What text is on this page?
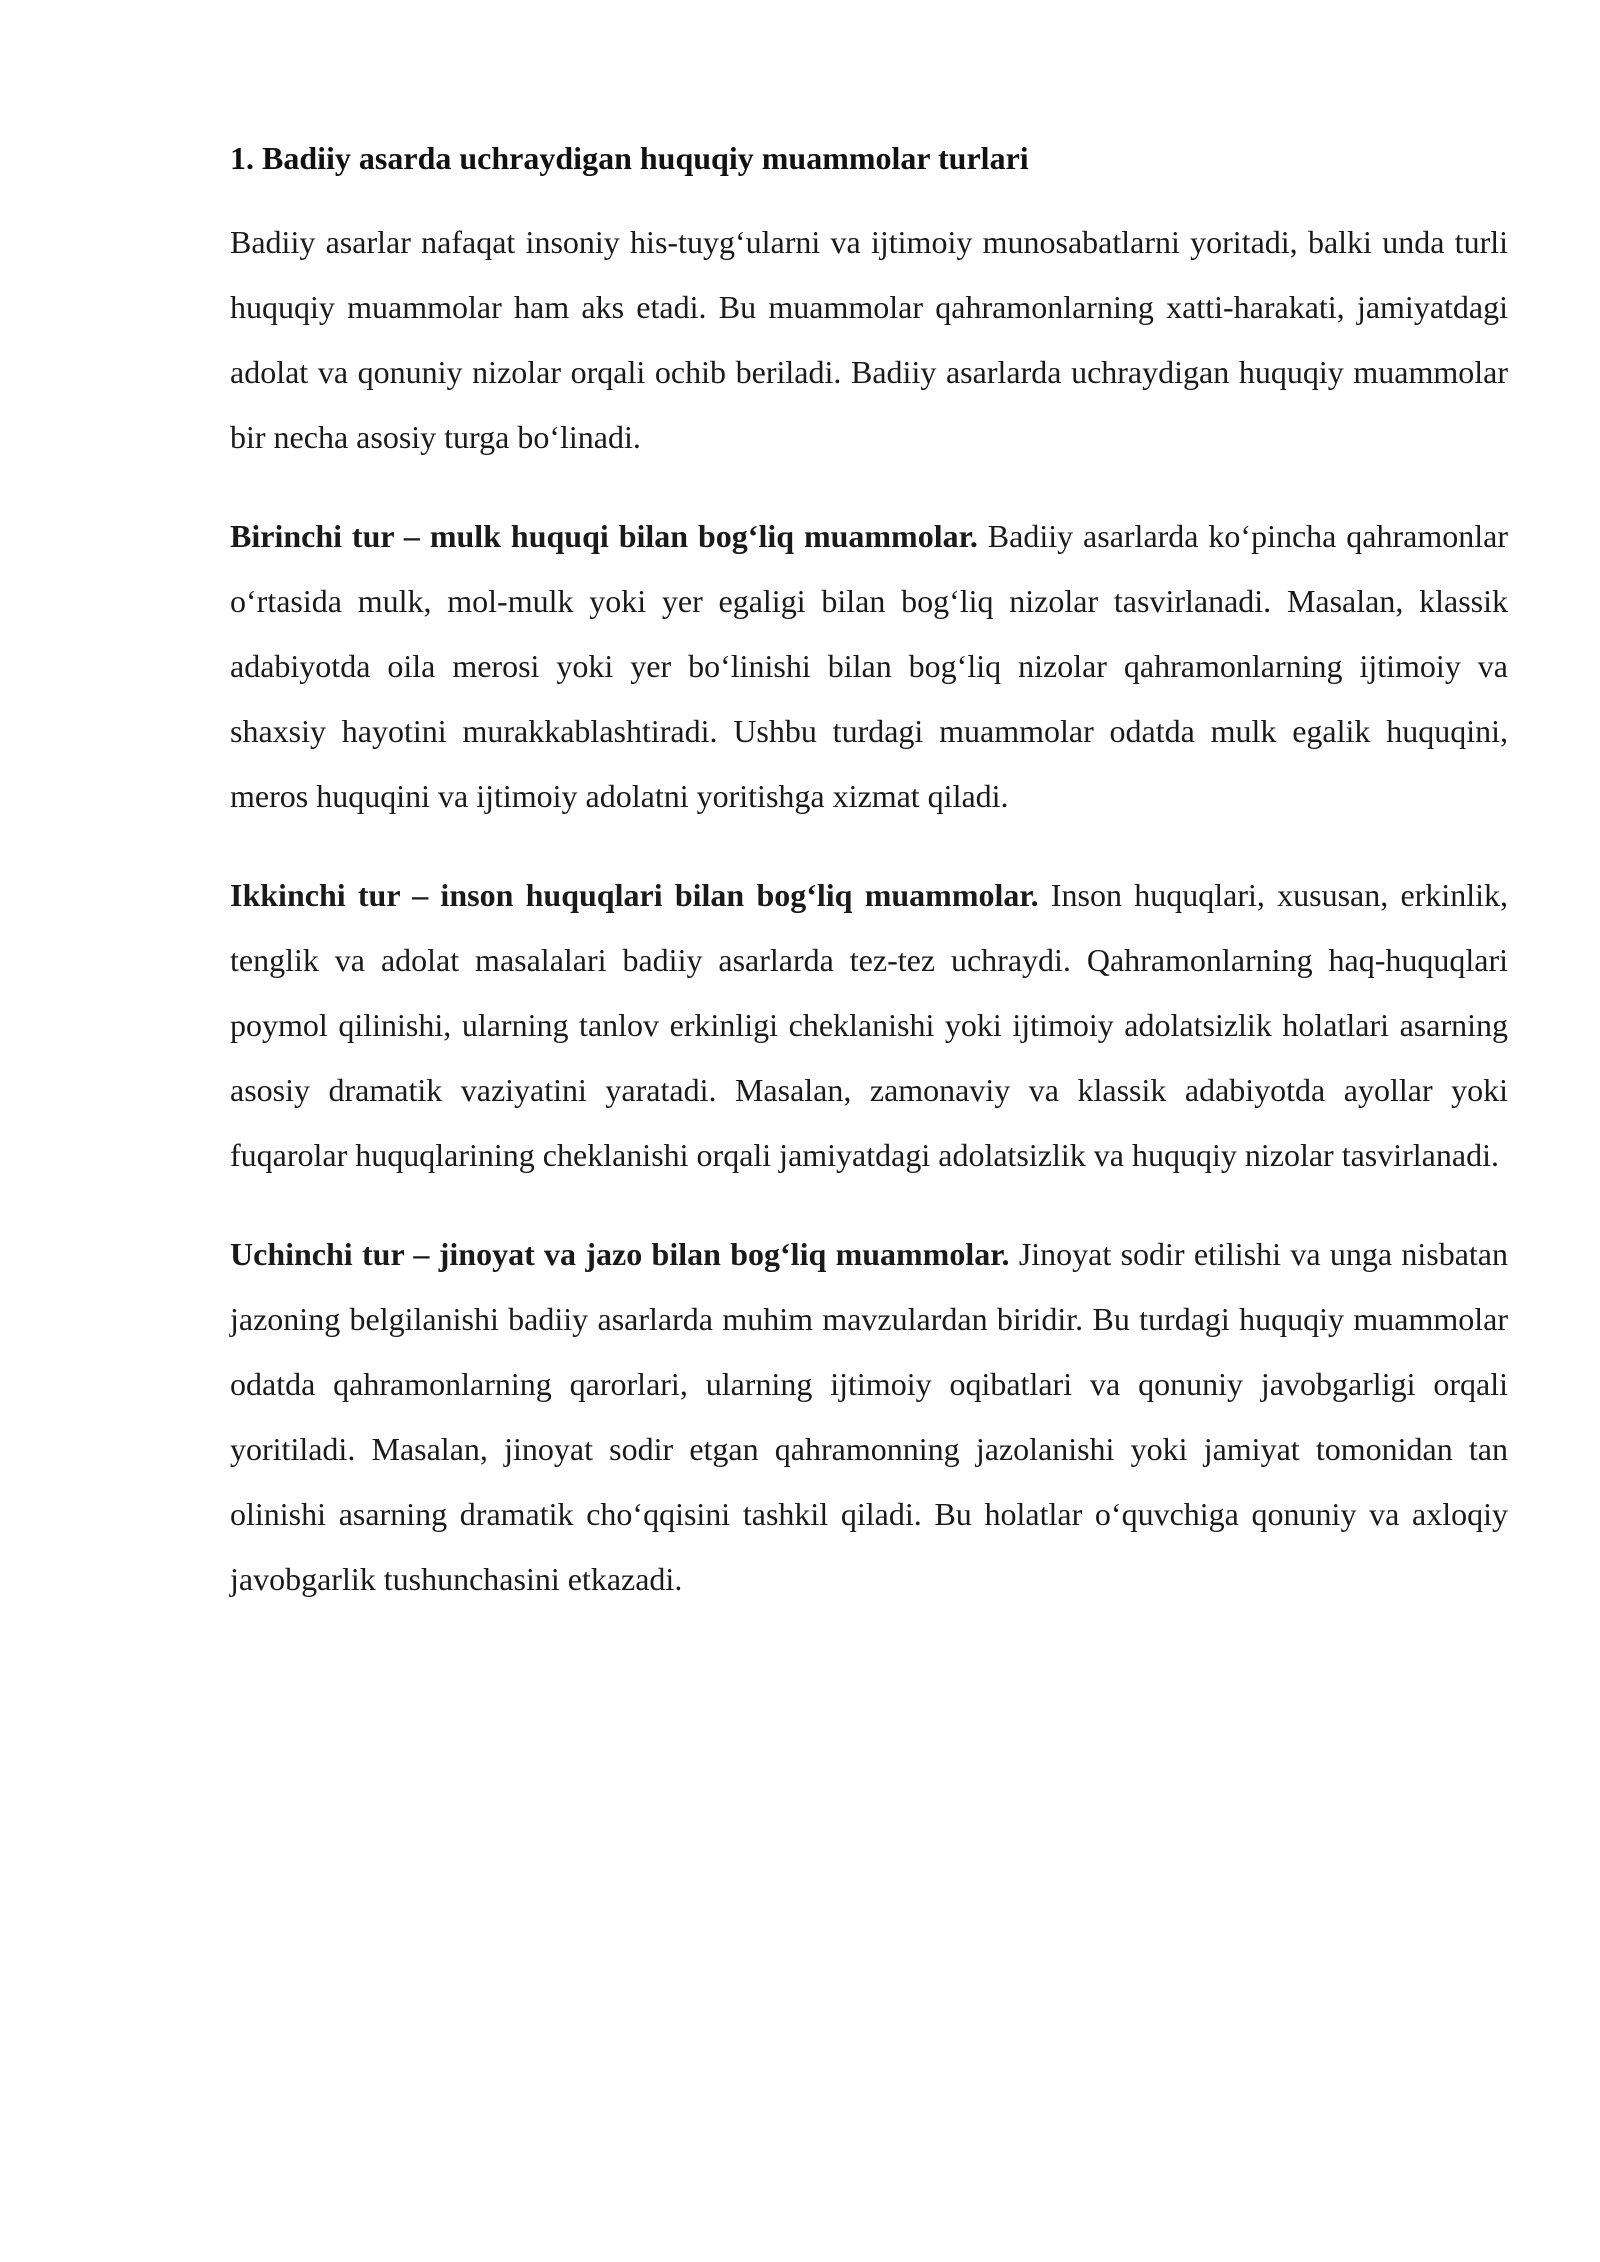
1. Badiiy asarda uchraydigan huquqiy muammolar turlari

Badiiy asarlar nafaqat insoniy his-tuyg‘ularni va ijtimoiy munosabatlarni yoritadi, balki unda turli huquqiy muammolar ham aks etadi. Bu muammolar qahramonlarning xatti-harakati, jamiyatdagi adolat va qonuniy nizolar orqali ochib beriladi. Badiiy asarlarda uchraydigan huquqiy muammolar bir necha asosiy turga bo‘linadi.

Birinchi tur – mulk huquqi bilan bog‘liq muammolar. Badiiy asarlarda ko‘pincha qahramonlar o‘rtasida mulk, mol-mulk yoki yer egaligi bilan bog‘liq nizolar tasvirlanadi. Masalan, klassik adabiyotda oila merosi yoki yer bo‘linishi bilan bog‘liq nizolar qahramonlarning ijtimoiy va shaxsiy hayotini murakkablashtiradi. Ushbu turdagi muammolar odatda mulk egalik huquqini, meros huquqini va ijtimoiy adolatni yoritishga xizmat qiladi.

Ikkinchi tur – inson huquqlari bilan bog‘liq muammolar. Inson huquqlari, xususan, erkinlik, tenglik va adolat masalalari badiiy asarlarda tez-tez uchraydi. Qahramonlarning haq-huquqlari poymol qilinishi, ularning tanlov erkinligi cheklanishi yoki ijtimoiy adolatsizlik holatlari asarning asosiy dramatik vaziyatini yaratadi. Masalan, zamonaviy va klassik adabiyotda ayollar yoki fuqarolar huquqlarining cheklanishi orqali jamiyatdagi adolatsizlik va huquqiy nizolar tasvirlanadi.

Uchinchi tur – jinoyat va jazo bilan bog‘liq muammolar. Jinoyat sodir etilishi va unga nisbatan jazoning belgilanishi badiiy asarlarda muhim mavzulardan biridir. Bu turdagi huquqiy muammolar odatda qahramonlarning qarorlari, ularning ijtimoiy oqibatlari va qonuniy javobgarligi orqali yoritiladi. Masalan, jinoyat sodir etgan qahramonning jazolanishi yoki jamiyat tomonidan tan olinishi asarning dramatik cho‘qqisini tashkil qiladi. Bu holatlar o‘quvchiga qonuniy va axloqiy javobgarlik tushunchasini etkazadi.
